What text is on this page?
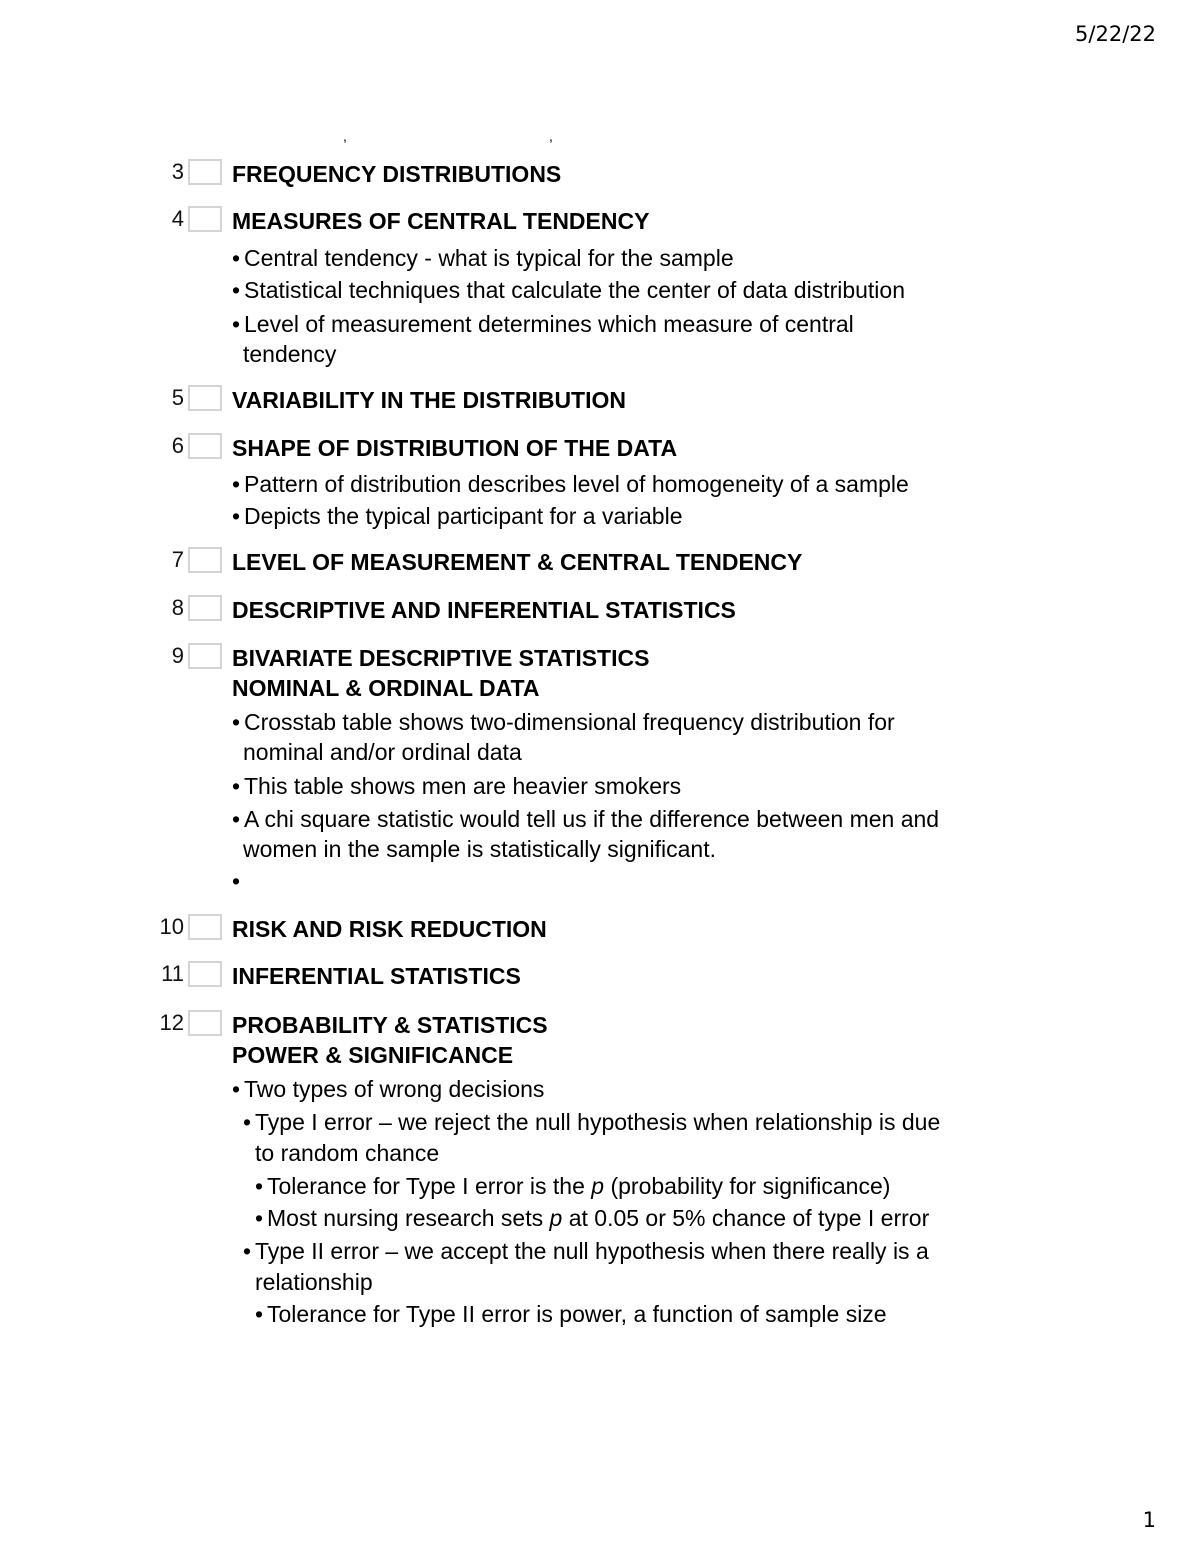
5/22/22
,	,
3 FREQUENCY DISTRIBUTIONS
4 MEASURES OF CENTRAL TENDENCY
• Central tendency - what is typical for the sample
• Statistical techniques that calculate the center of data distribution
• Level of measurement determines which measure of central
tendency
5 VARIABILITY IN THE DISTRIBUTION
6 SHAPE OF DISTRIBUTION OF THE DATA
• Pattern of distribution describes level of homogeneity of a sample
• Depicts the typical participant for a variable
7 LEVEL OF MEASUREMENT & CENTRAL TENDENCY
8 DESCRIPTIVE AND INFERENTIAL STATISTICS
9 BIVARIATE DESCRIPTIVE STATISTICS
NOMINAL & ORDINAL DATA
• Crosstab table shows two-dimensional frequency distribution for
nominal and/or ordinal data
• This table shows men are heavier smokers
• A chi square statistic would tell us if the difference between men and
women in the sample is statistically significant.
•
10 RISK AND RISK REDUCTION
11 INFERENTIAL STATISTICS
12 PROBABILITY & STATISTICS
POWER & SIGNIFICANCE
• Two types of wrong decisions
• Type I error – we reject the null hypothesis when relationship is due
to random chance
• Tolerance for Type I error is the p (probability for significance)
• Most nursing research sets p at 0.05 or 5% chance of type I error
• Type II error – we accept the null hypothesis when there really is a
relationship
• Tolerance for Type II error is power, a function of sample size
1
